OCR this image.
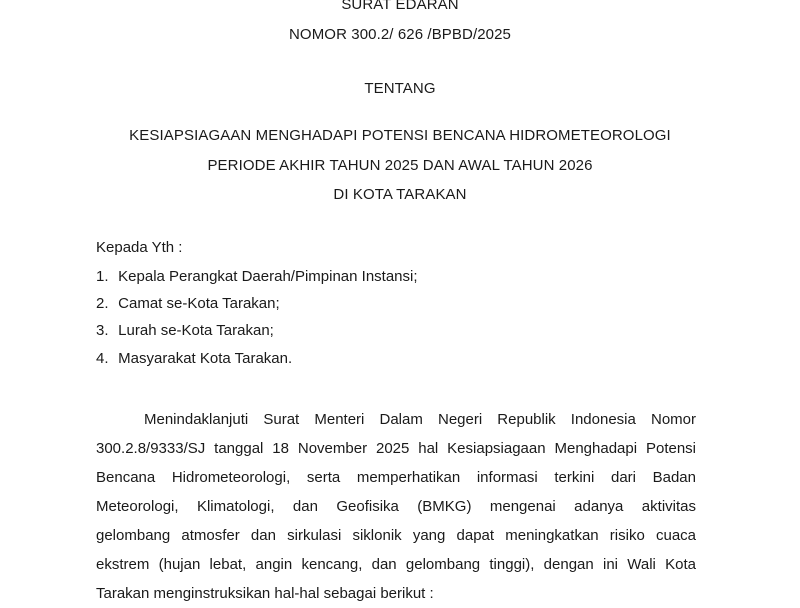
SURAT EDARAN
NOMOR 300.2/ 626 /BPBD/2025
TENTANG
KESIAPSIAGAAN MENGHADAPI POTENSI BENCANA HIDROMETEOROLOGI
PERIODE AKHIR TAHUN 2025 DAN AWAL TAHUN 2026
DI KOTA TARAKAN
Kepada Yth :
1. Kepala Perangkat Daerah/Pimpinan Instansi;
2. Camat se-Kota Tarakan;
3. Lurah se-Kota Tarakan;
4. Masyarakat Kota Tarakan.
Menindaklanjuti Surat Menteri Dalam Negeri Republik Indonesia Nomor
300.2.8/9333/SJ tanggal 18 November 2025 hal Kesiapsiagaan Menghadapi Potensi
Bencana Hidrometeorologi, serta memperhatikan informasi terkini dari Badan
Meteorologi, Klimatologi, dan Geofisika (BMKG) mengenai adanya aktivitas
gelombang atmosfer dan sirkulasi siklonik yang dapat meningkatkan risiko cuaca
ekstrem (hujan lebat, angin kencang, dan gelombang tinggi), dengan ini Wali Kota
Tarakan menginstruksikan hal-hal sebagai berikut :
